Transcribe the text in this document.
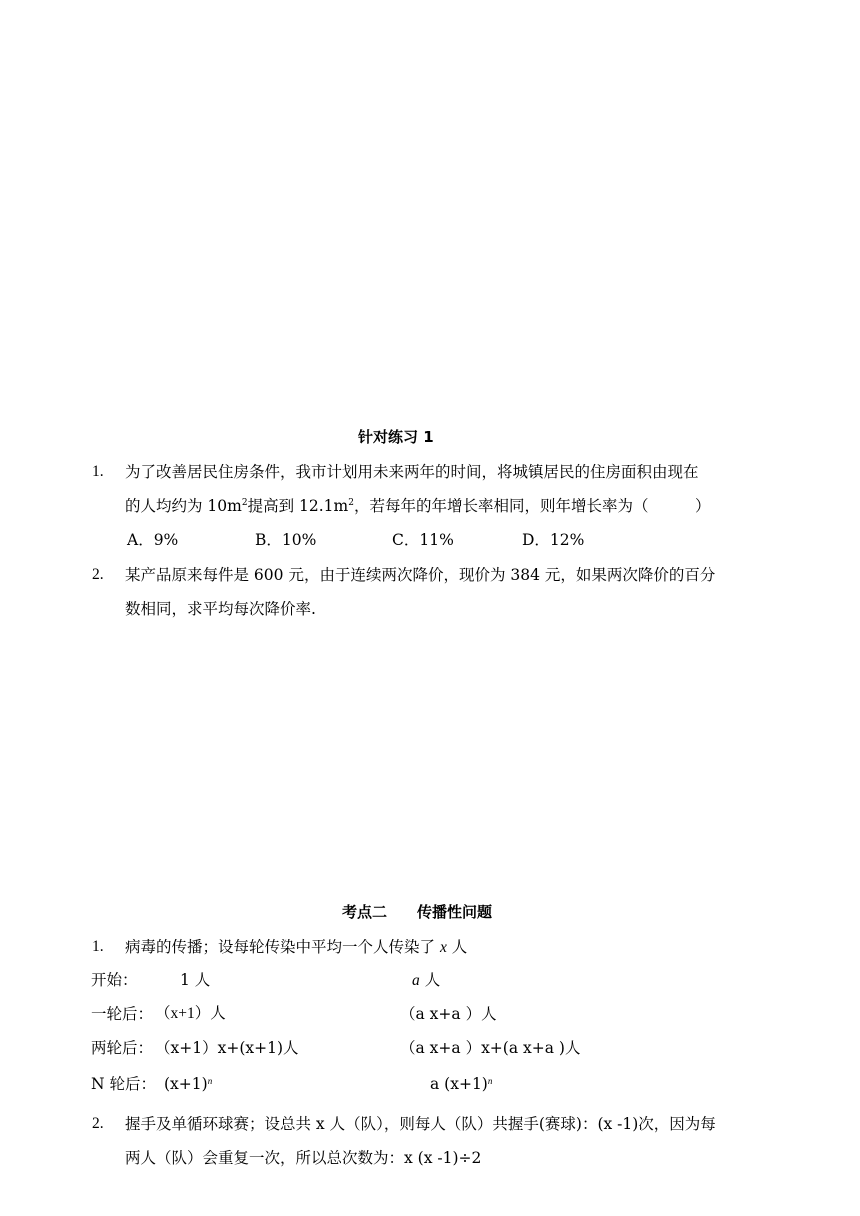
针对练习 1
1. 为了改善居民住房条件，我市计划用未来两年的时间，将城镇居民的住房面积由现在
的人均约为 $10m^2$提高到 $12.1m^2$，若每年的年增长率相同，则年增长率为（　　　）
A．9%	B．10%	C．11%	D．12%
2. 某产品原来每件是 600 元，由于连续两次降价，现价为 384 元，如果两次降价的百分
数相同，求平均每次降价率.
考点二　　传播性问题
1. 病毒的传播；设每轮传染中平均一个人传染了 x 人
开始：	1 人	a 人
一轮后： （x+1）人	（a x+a ）人
两轮后： （x+1）x+(x+1)人	（a x+a ）x+(a x+a )人
N 轮后： $(x+1)^n$	a $(x+1)^n$
2. 握手及单循环球赛；设总共 x 人（队），则每人（队）共握手(赛球)：(x -1)次，因为每
两人（队）会重复一次，所以总次数为：x (x -1)÷2
